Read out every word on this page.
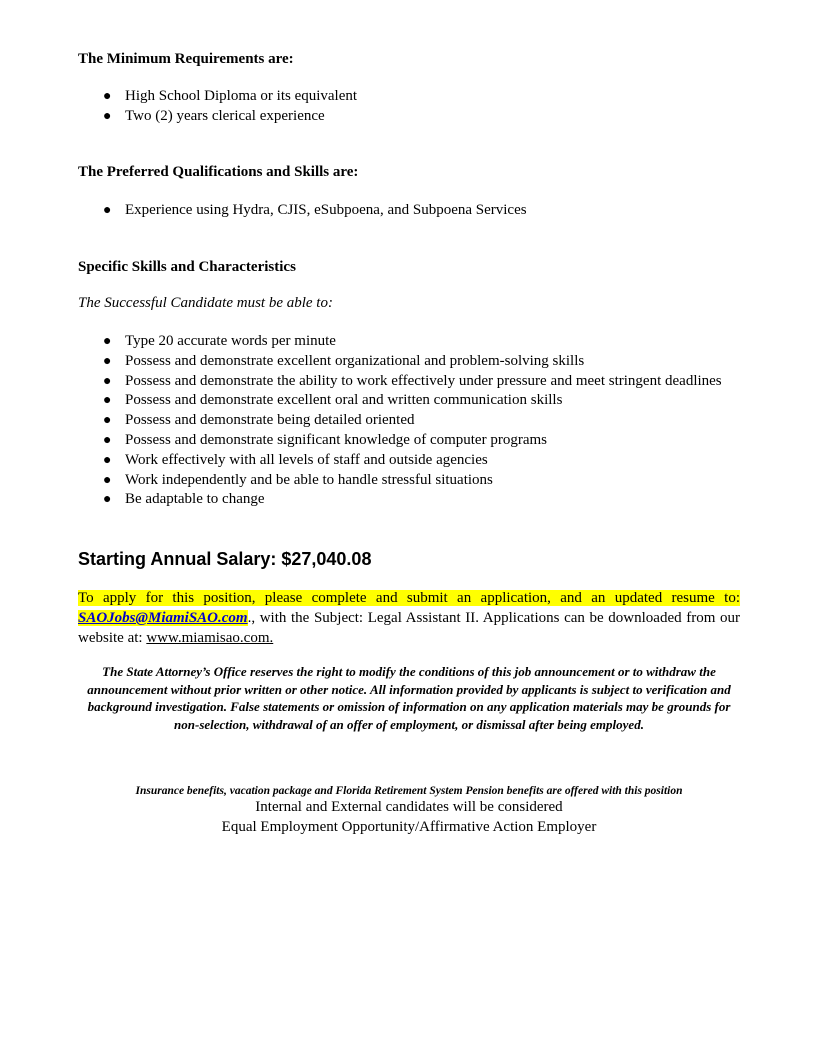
The Minimum Requirements are:
● High School Diploma or its equivalent
● Two (2) years clerical experience
The Preferred Qualifications and Skills are:
● Experience using Hydra, CJIS, eSubpoena, and Subpoena Services
Specific Skills and Characteristics
The Successful Candidate must be able to:
● Type 20 accurate words per minute
● Possess and demonstrate excellent organizational and problem-solving skills
● Possess and demonstrate the ability to work effectively under pressure and meet stringent deadlines
● Possess and demonstrate excellent oral and written communication skills
● Possess and demonstrate being detailed oriented
● Possess and demonstrate significant knowledge of computer programs
● Work effectively with all levels of staff and outside agencies
● Work independently and be able to handle stressful situations
● Be adaptable to change
Starting Annual Salary: $27,040.08

To apply for this position, please complete and submit an application, and an updated resume to: SAOJobs@MiamiSAO.com., with the Subject: Legal Assistant II. Applications can be downloaded from our website at: www.miamisao.com.

The State Attorney’s Office reserves the right to modify the conditions of this job announcement or to withdraw the announcement without prior written or other notice. All information provided by applicants is subject to verification and background investigation. False statements or omission of information on any application materials may be grounds for non-selection, withdrawal of an offer of employment, or dismissal after being employed.

Insurance benefits, vacation package and Florida Retirement System Pension benefits are offered with this position
Internal and External candidates will be considered
Equal Employment Opportunity/Affirmative Action Employer
